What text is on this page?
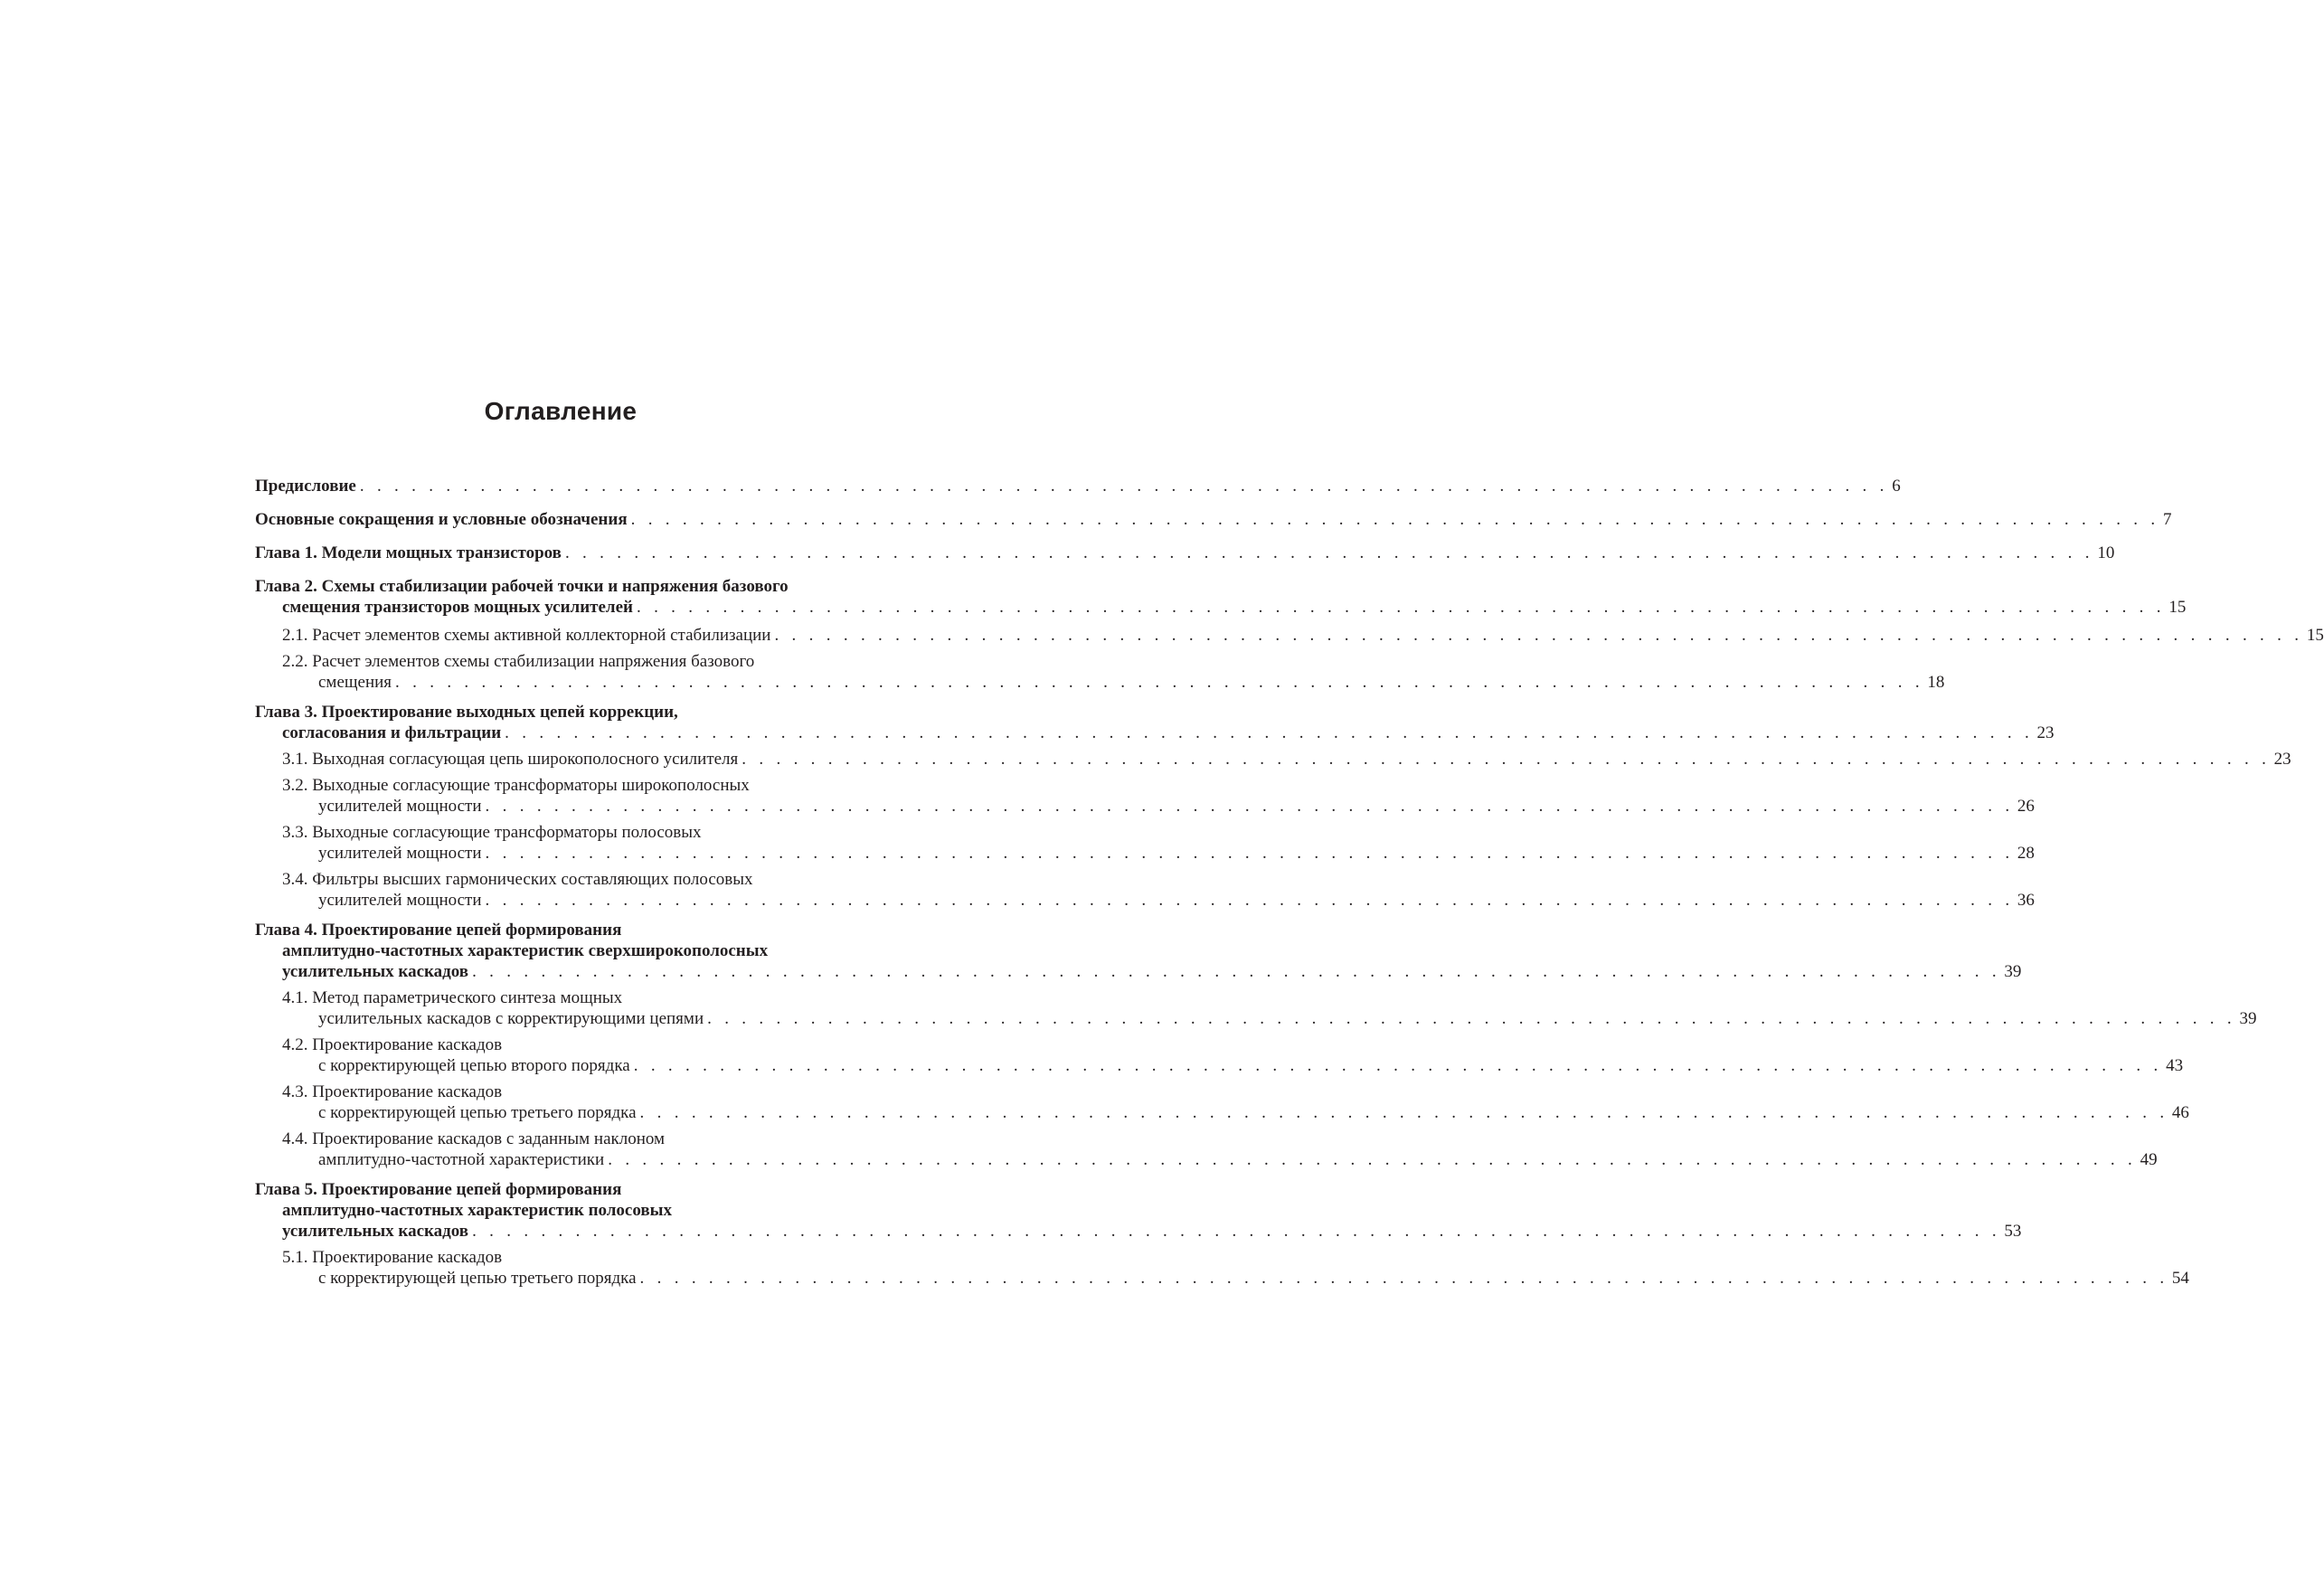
Оглавление
Предисловие . . .	6
Основные сокращения и условные обозначения . . .	7
Глава 1. Модели мощных транзисторов . . .	10
Глава 2. Схемы стабилизации рабочей точки и напряжения базового
смещения транзисторов мощных усилителей . . .	15
2.1. Расчет элементов схемы активной коллекторной стабилизации . . .	15
2.2. Расчет элементов схемы стабилизации напряжения базового
смещения . . .	18
Глава 3. Проектирование выходных цепей коррекции,
согласования и фильтрации . . .	23
3.1. Выходная согласующая цепь широкополосного усилителя . . .	23
3.2. Выходные согласующие трансформаторы широкополосных
усилителей мощности . . .	26
3.3. Выходные согласующие трансформаторы полосовых
усилителей мощности . . .	28
3.4. Фильтры высших гармонических составляющих полосовых
усилителей мощности . . .	36
Глава 4. Проектирование цепей формирования
амплитудно-частотных характеристик сверхширокополосных
усилительных каскадов . . .	39
4.1. Метод параметрического синтеза мощных
усилительных каскадов с корректирующими цепями . . .	39
4.2. Проектирование каскадов
с корректирующей цепью второго порядка . . .	43
4.3. Проектирование каскадов
с корректирующей цепью третьего порядка . . .	46
4.4. Проектирование каскадов с заданным наклоном
амплитудно-частотной характеристики . . .	49
Глава 5. Проектирование цепей формирования
амплитудно-частотных характеристик полосовых
усилительных каскадов . . .	53
5.1. Проектирование каскадов
с корректирующей цепью третьего порядка . . .	54
